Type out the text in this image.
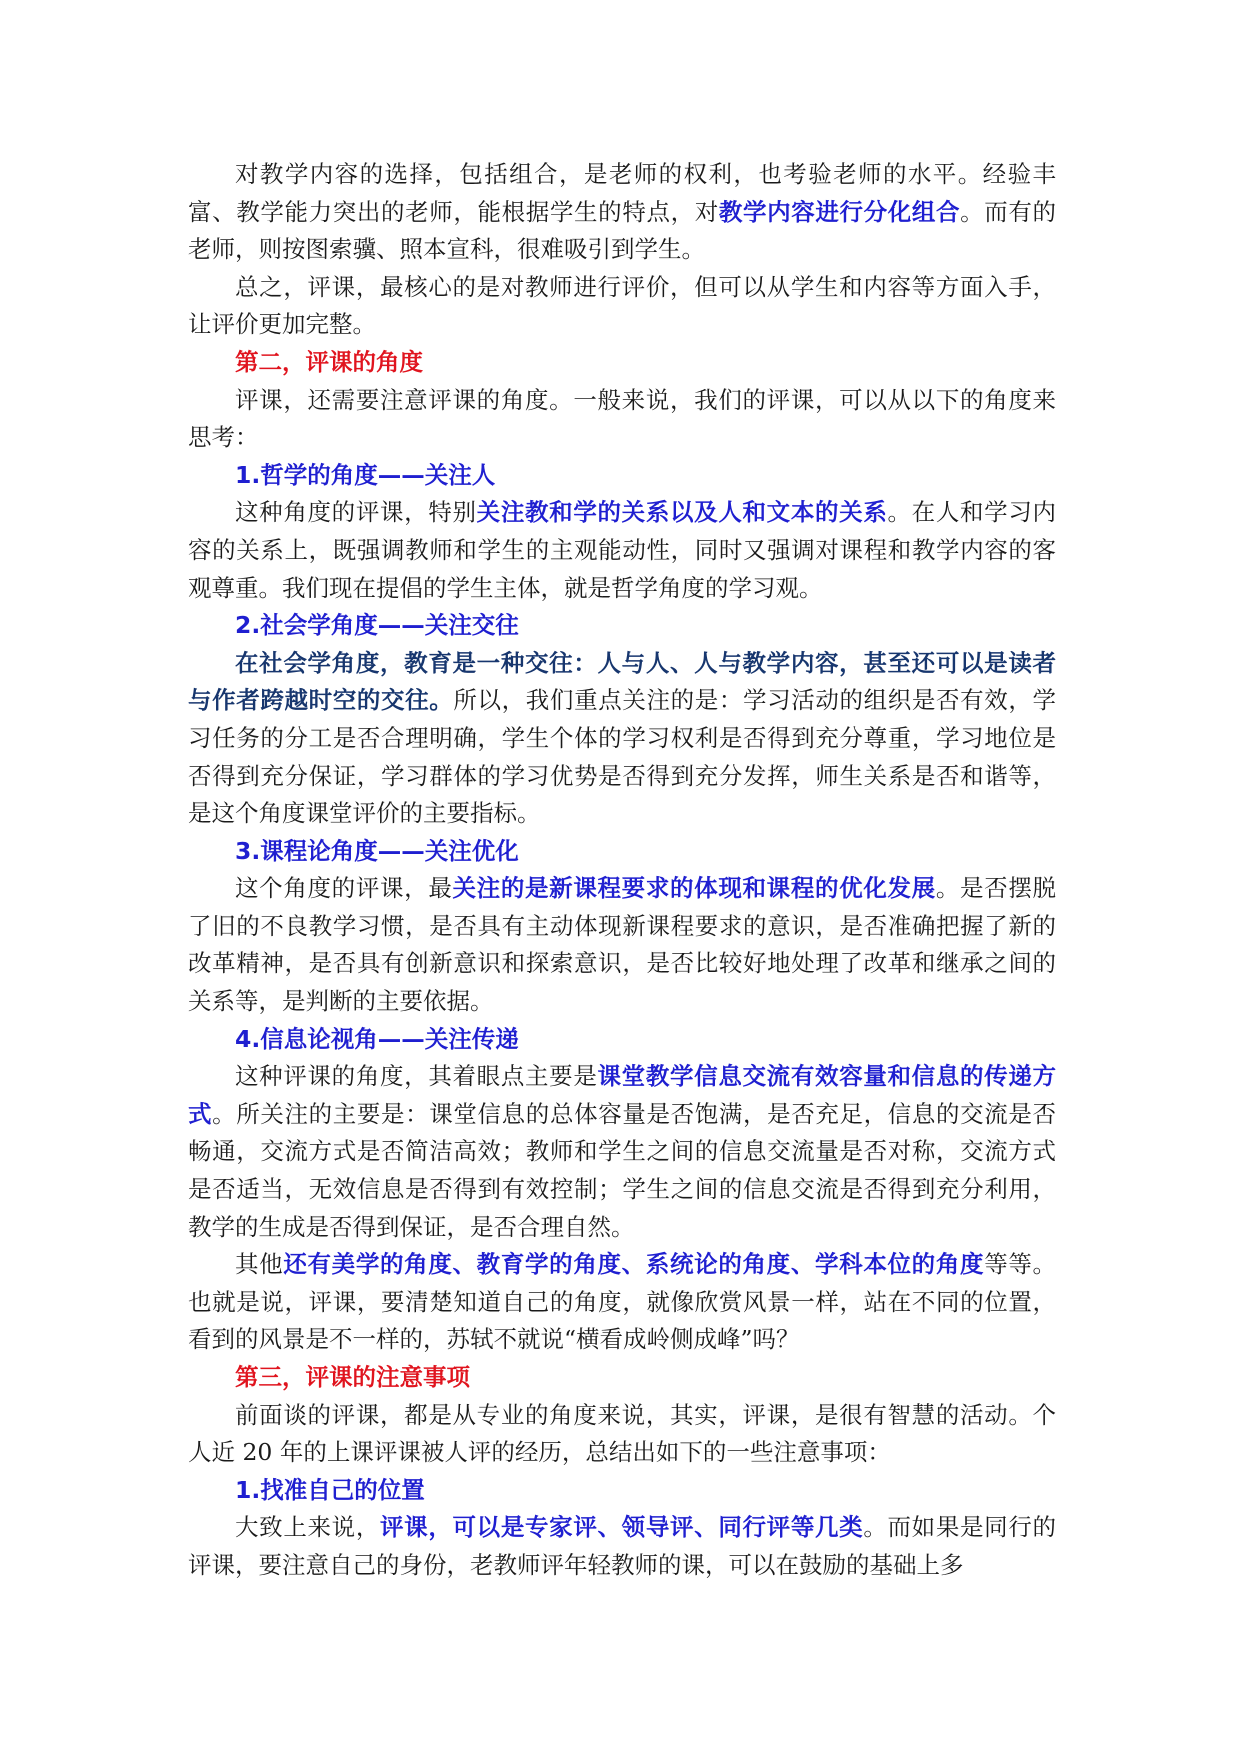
对教学内容的选择，包括组合，是老师的权利，也考验老师的水平。经验丰富、教学能力突出的老师，能根据学生的特点，对教学内容进行分化组合。而有的老师，则按图索骥、照本宣科，很难吸引到学生。

总之，评课，最核心的是对教师进行评价，但可以从学生和内容等方面入手，让评价更加完整。

第二，评课的角度

评课，还需要注意评课的角度。一般来说，我们的评课，可以从以下的角度来思考：

1.哲学的角度——关注人

这种角度的评课，特别关注教和学的关系以及人和文本的关系。在人和学习内容的关系上，既强调教师和学生的主观能动性，同时又强调对课程和教学内容的客观尊重。我们现在提倡的学生主体，就是哲学角度的学习观。

2.社会学角度——关注交往

在社会学角度，教育是一种交往：人与人、人与教学内容，甚至还可以是读者与作者跨越时空的交往。所以，我们重点关注的是：学习活动的组织是否有效，学习任务的分工是否合理明确，学生个体的学习权利是否得到充分尊重，学习地位是否得到充分保证，学习群体的学习优势是否得到充分发挥，师生关系是否和谐等，是这个角度课堂评价的主要指标。

3.课程论角度——关注优化

这个角度的评课，最关注的是新课程要求的体现和课程的优化发展。是否摆脱了旧的不良教学习惯，是否具有主动体现新课程要求的意识，是否准确把握了新的改革精神，是否具有创新意识和探索意识，是否比较好地处理了改革和继承之间的关系等，是判断的主要依据。

4.信息论视角——关注传递

这种评课的角度，其着眼点主要是课堂教学信息交流有效容量和信息的传递方式。所关注的主要是：课堂信息的总体容量是否饱满，是否充足，信息的交流是否畅通，交流方式是否简洁高效；教师和学生之间的信息交流量是否对称，交流方式是否适当，无效信息是否得到有效控制；学生之间的信息交流是否得到充分利用，教学的生成是否得到保证，是否合理自然。

其他还有美学的角度、教育学的角度、系统论的角度、学科本位的角度等等。也就是说，评课，要清楚知道自己的角度，就像欣赏风景一样，站在不同的位置，看到的风景是不一样的，苏轼不就说“横看成岭侧成峰”吗？

第三，评课的注意事项

前面谈的评课，都是从专业的角度来说，其实，评课，是很有智慧的活动。个人近 20 年的上课评课被人评的经历，总结出如下的一些注意事项：

1.找准自己的位置

大致上来说，评课，可以是专家评、领导评、同行评等几类。而如果是同行的评课，要注意自己的身份，老教师评年轻教师的课，可以在鼓励的基础上多
